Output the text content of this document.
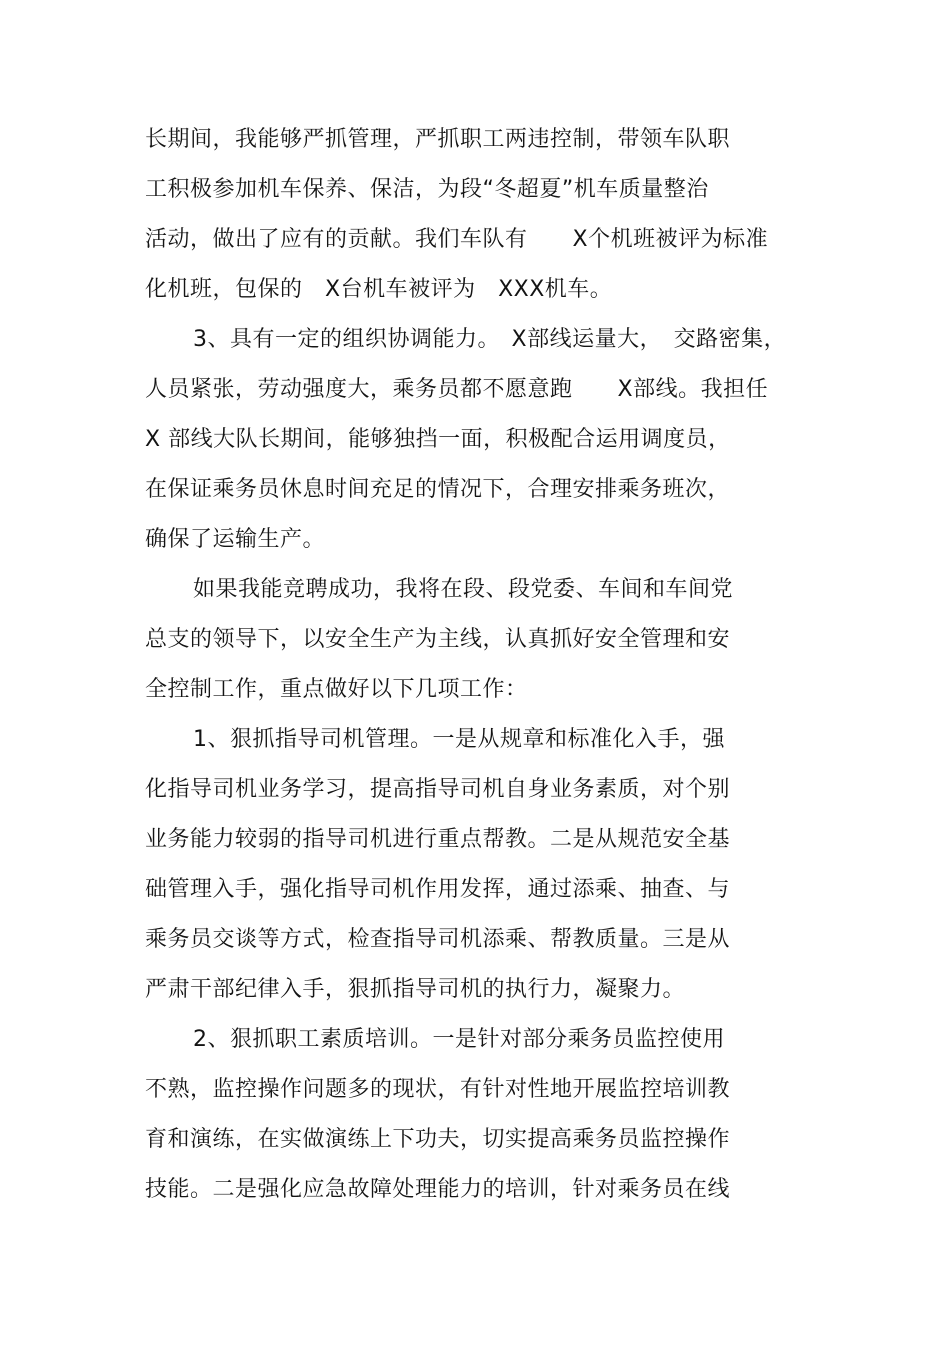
长期间，我能够严抓管理，严抓职工两违控制，带领车队职
工积极参加机车保养、保洁，为段“冬超夏”机车质量整治
活动，做出了应有的贡献。我们车队有　　X个机班被评为标准
化机班，包保的　X台机车被评为　XXX机车。
3、具有一定的组织协调能力。　X部线运量大，　交路密集，
人员紧张，劳动强度大，乘务员都不愿意跑　　X部线。我担任
X 部线大队长期间，能够独挡一面，积极配合运用调度员，
在保证乘务员休息时间充足的情况下，合理安排乘务班次，
确保了运输生产。
如果我能竞聘成功，我将在段、段党委、车间和车间党
总支的领导下，以安全生产为主线，认真抓好安全管理和安
全控制工作，重点做好以下几项工作：
1、狠抓指导司机管理。一是从规章和标准化入手，强
化指导司机业务学习，提高指导司机自身业务素质，对个别
业务能力较弱的指导司机进行重点帮教。二是从规范安全基
础管理入手，强化指导司机作用发挥，通过添乘、抽查、与
乘务员交谈等方式，检查指导司机添乘、帮教质量。三是从
严肃干部纪律入手，狠抓指导司机的执行力，凝聚力。
2、狠抓职工素质培训。一是针对部分乘务员监控使用
不熟，监控操作问题多的现状，有针对性地开展监控培训教
育和演练，在实做演练上下功夫，切实提高乘务员监控操作
技能。二是强化应急故障处理能力的培训，针对乘务员在线
